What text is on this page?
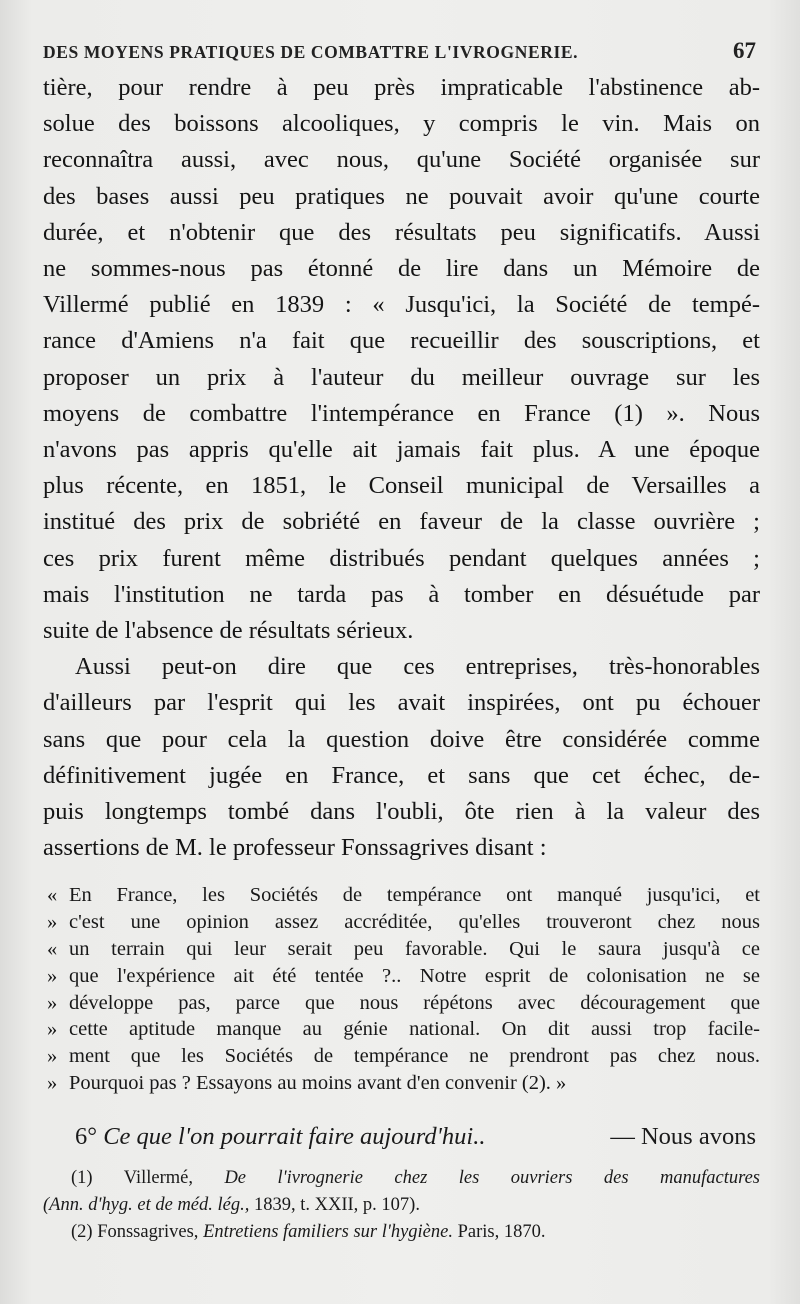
DES MOYENS PRATIQUES DE COMBATTRE L'IVROGNERIE.	67

tière, pour rendre à peu près impraticable l'abstinence ab-
solue des boissons alcooliques, y compris le vin. Mais on
reconnaîtra aussi, avec nous, qu'une Société organisée sur
des bases aussi peu pratiques ne pouvait avoir qu'une courte
durée, et n'obtenir que des résultats peu significatifs. Aussi
ne sommes-nous pas étonné de lire dans un Mémoire de
Villermé publié en 1839 : « Jusqu'ici, la Société de tempé-
rance d'Amiens n'a fait que recueillir des souscriptions, et
proposer un prix à l'auteur du meilleur ouvrage sur les
moyens de combattre l'intempérance en France (1) ». Nous
n'avons pas appris qu'elle ait jamais fait plus. A une époque
plus récente, en 1851, le Conseil municipal de Versailles a
institué des prix de sobriété en faveur de la classe ouvrière ;
ces prix furent même distribués pendant quelques années ;
mais l'institution ne tarda pas à tomber en désuétude par
suite de l'absence de résultats sérieux.

Aussi peut-on dire que ces entreprises, très-honorables
d'ailleurs par l'esprit qui les avait inspirées, ont pu échouer
sans que pour cela la question doive être considérée comme
définitivement jugée en France, et sans que cet échec, de-
puis longtemps tombé dans l'oubli, ôte rien à la valeur des
assertions de M. le professeur Fonssagrives disant :

« En France, les Sociétés de tempérance ont manqué jusqu'ici, et
» c'est une opinion assez accréditée, qu'elles trouveront chez nous
« un terrain qui leur serait peu favorable. Qui le saura jusqu'à ce
» que l'expérience ait été tentée ?.. Notre esprit de colonisation ne se
» développe pas, parce que nous répétons avec découragement que
» cette aptitude manque au génie national. On dit aussi trop facile-
» ment que les Sociétés de tempérance ne prendront pas chez nous.
» Pourquoi pas ? Essayons au moins avant d'en convenir (2). »
6° Ce que l'on pourrait faire aujourd'hui..	— Nous avons
(1) Villermé, De l'ivrognerie chez les ouvriers des manufactures
(Ann. d'hyg. et de méd. lég., 1839, t. XXII, p. 107).
(2) Fonssagrives, Entretiens familiers sur l'hygiène. Paris, 1870.
